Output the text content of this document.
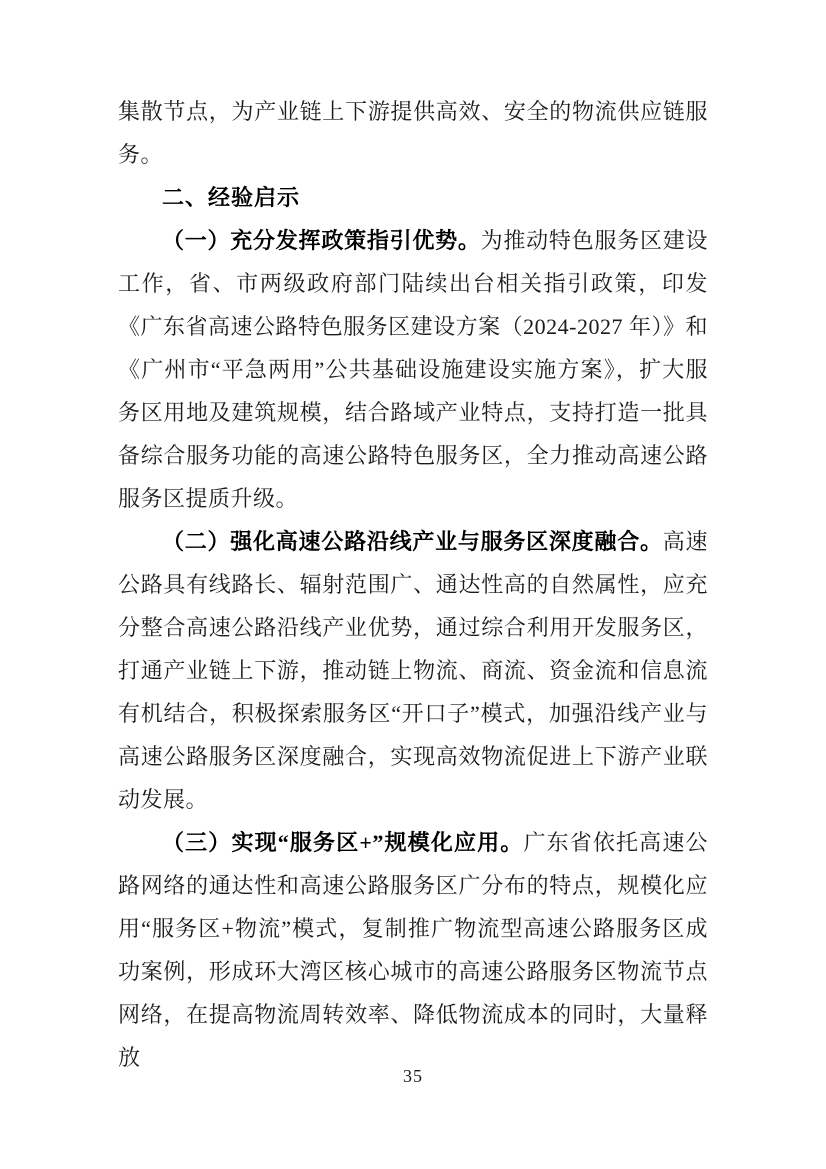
集散节点，为产业链上下游提供高效、安全的物流供应链服务。

二、经验启示

（一）充分发挥政策指引优势。为推动特色服务区建设工作，省、市两级政府部门陆续出台相关指引政策，印发《广东省高速公路特色服务区建设方案（2024-2027 年）》和《广州市“平急两用”公共基础设施建设实施方案》，扩大服务区用地及建筑规模，结合路域产业特点，支持打造一批具备综合服务功能的高速公路特色服务区，全力推动高速公路服务区提质升级。

（二）强化高速公路沿线产业与服务区深度融合。高速公路具有线路长、辐射范围广、通达性高的自然属性，应充分整合高速公路沿线产业优势，通过综合利用开发服务区，打通产业链上下游，推动链上物流、商流、资金流和信息流有机结合，积极探索服务区“开口子”模式，加强沿线产业与高速公路服务区深度融合，实现高效物流促进上下游产业联动发展。

（三）实现“服务区+”规模化应用。广东省依托高速公路网络的通达性和高速公路服务区广分布的特点，规模化应用“服务区+物流”模式，复制推广物流型高速公路服务区成功案例，形成环大湾区核心城市的高速公路服务区物流节点网络，在提高物流周转效率、降低物流成本的同时，大量释放

35
